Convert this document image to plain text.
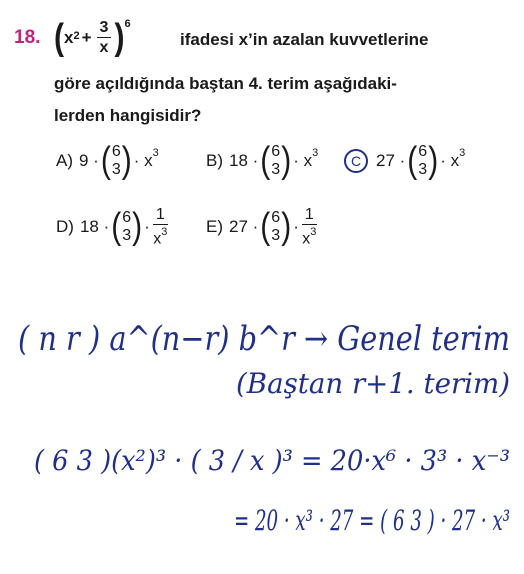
18. ( $x^2 + \frac{3}{x} )^6$
ifadesi x’in azalan kuvvetlerine
göre açıldığında baştan 4. terim aşağıdaki-
lerden hangisidir?
A) 9 · ( 6
3 ) · $x^3$	B) 18 · ( 6
3 ) · $x^3$	C 27 · ( 6
3 ) · $x^3$
D) 18 · ( 6
3 ) · $\frac{1}{x^3} E$) 27 · ( 6
3 ) · $\frac{1}{x^3}$
( n r ) a^(n−r) b^r → Genel terim
(Baştan r+1. terim)
( 6 3 )(x²)³ · ( 3 / x )³ = 20·x⁶ · 3³ · x⁻³
= 20 · x³ · 27 = ( 6 3 ) · 27 · x³
